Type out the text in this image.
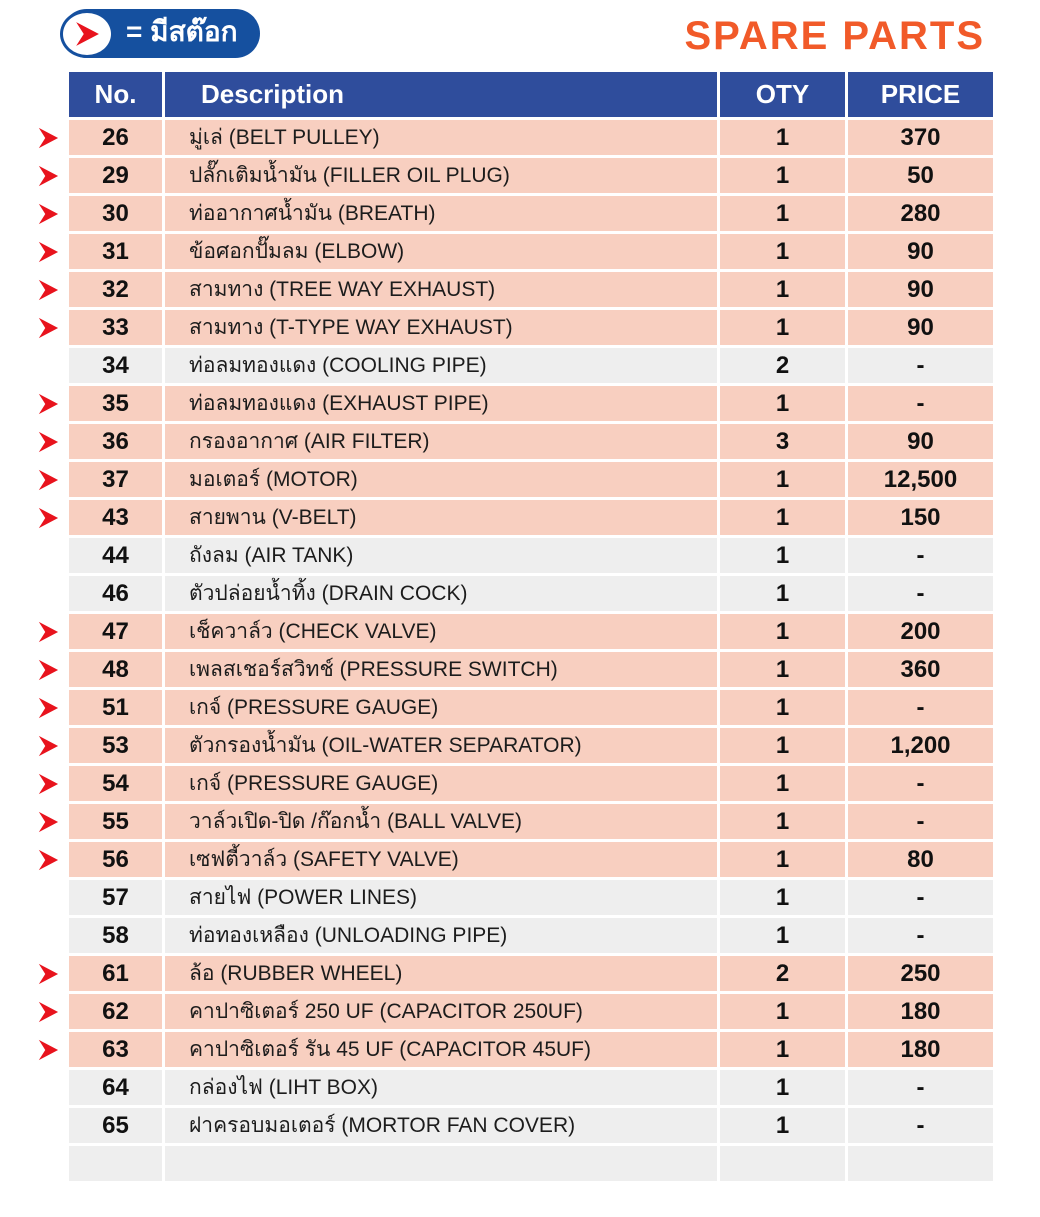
= มีสต๊อก	SPARE PARTS
No.	Description	OTY	PRICE
26	มู่เล่ (BELT PULLEY)	1	370
29	ปลั๊กเติมน้ำมัน (FILLER OIL PLUG)	1	50
30	ท่ออากาศน้ำมัน (BREATH)	1	280
31	ข้อศอกปั๊มลม (ELBOW)	1	90
32	สามทาง (TREE WAY EXHAUST)	1	90
33	สามทาง (T-TYPE WAY EXHAUST)	1	90
34	ท่อลมทองแดง (COOLING PIPE)	2	-
35	ท่อลมทองแดง (EXHAUST PIPE)	1	-
36	กรองอากาศ (AIR FILTER)	3	90
37	มอเตอร์ (MOTOR)	1	12,500
43	สายพาน (V-BELT)	1	150
44	ถังลม (AIR TANK)	1	-
46	ตัวปล่อยน้ำทิ้ง (DRAIN COCK)	1	-
47	เช็ควาล์ว (CHECK VALVE)	1	200
48	เพลสเชอร์สวิทช์ (PRESSURE SWITCH)	1	360
51	เกจ์ (PRESSURE GAUGE)	1	-
53	ตัวกรองน้ำมัน (OIL-WATER SEPARATOR)	1	1,200
54	เกจ์ (PRESSURE GAUGE)	1	-
55	วาล์วเปิด-ปิด /ก๊อกน้ำ (BALL VALVE)	1	-
56	เซฟตี้วาล์ว (SAFETY VALVE)	1	80
57	สายไฟ (POWER LINES)	1	-
58	ท่อทองเหลือง (UNLOADING PIPE)	1	-
61	ล้อ (RUBBER WHEEL)	2	250
62	คาปาซิเตอร์ 250 UF (CAPACITOR 250UF)	1	180
63	คาปาซิเตอร์ รัน 45 UF (CAPACITOR 45UF)	1	180
64	กล่องไฟ (LIHT BOX)	1	-
65	ฝาครอบมอเตอร์ (MORTOR FAN COVER)	1	-
